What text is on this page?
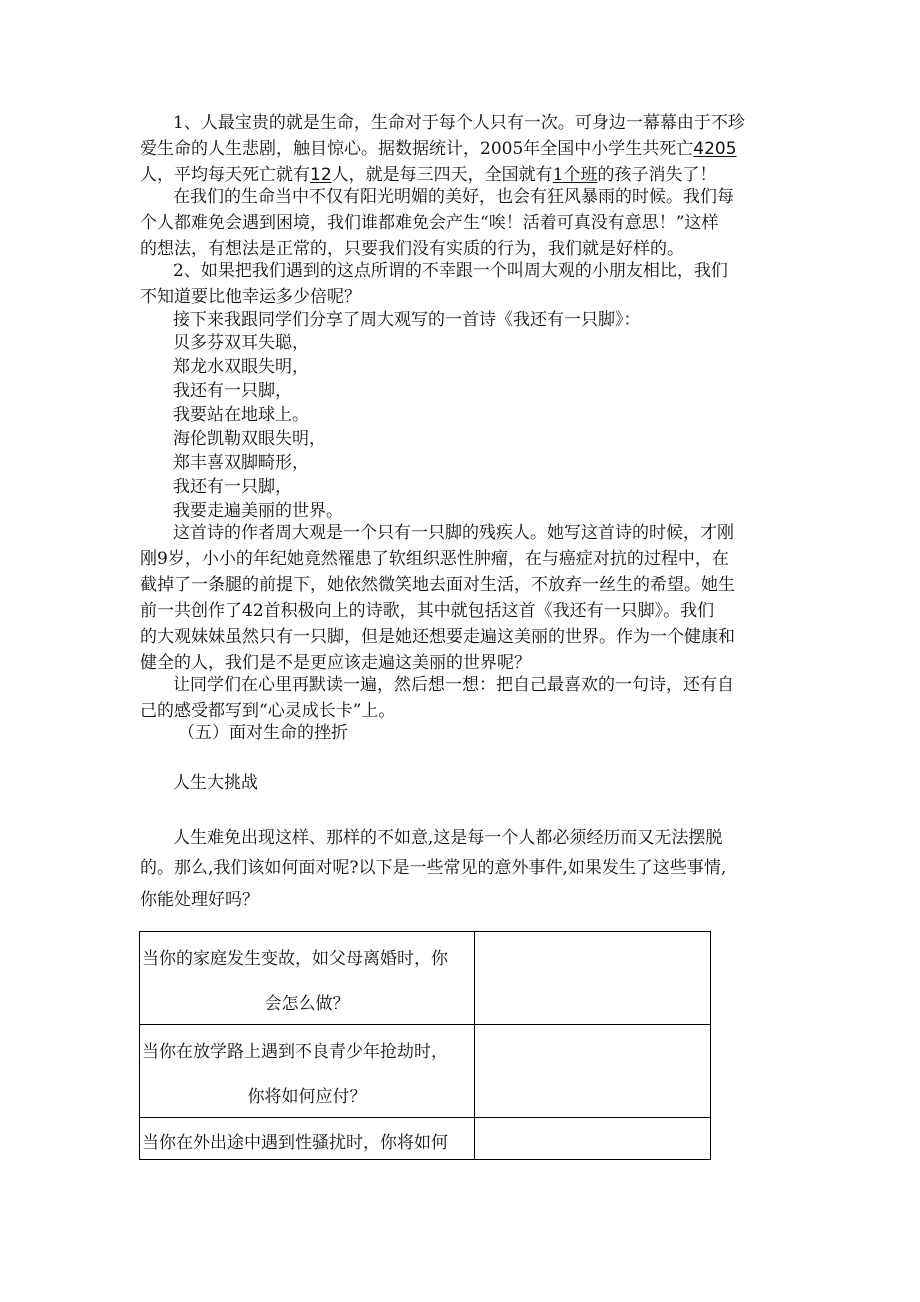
1、人最宝贵的就是生命，生命对于每个人只有一次。可身边一幕幕由于不珍
爱生命的人生悲剧，触目惊心。据数据统计，2005年全国中小学生共死亡4205
人，平均每天死亡就有12人，就是每三四天，全国就有1个班的孩子消失了！
在我们的生命当中不仅有阳光明媚的美好，也会有狂风暴雨的时候。我们每
个人都难免会遇到困境，我们谁都难免会产生“唉！活着可真没有意思！”这样
的想法，有想法是正常的，只要我们没有实质的行为，我们就是好样的。
2、如果把我们遇到的这点所谓的不幸跟一个叫周大观的小朋友相比，我们
不知道要比他幸运多少倍呢？
接下来我跟同学们分享了周大观写的一首诗《我还有一只脚》：
贝多芬双耳失聪，
郑龙水双眼失明，
我还有一只脚，
我要站在地球上。
海伦凯勒双眼失明，
郑丰喜双脚畸形，
我还有一只脚，
我要走遍美丽的世界。
这首诗的作者周大观是一个只有一只脚的残疾人。她写这首诗的时候，才刚
刚9岁，小小的年纪她竟然罹患了软组织恶性肿瘤，在与癌症对抗的过程中，在
截掉了一条腿的前提下，她依然微笑地去面对生活，不放弃一丝生的希望。她生
前一共创作了42首积极向上的诗歌，其中就包括这首《我还有一只脚》。我们
的大观妹妹虽然只有一只脚，但是她还想要走遍这美丽的世界。作为一个健康和
健全的人，我们是不是更应该走遍这美丽的世界呢？
让同学们在心里再默读一遍，然后想一想：把自己最喜欢的一句诗，还有自
己的感受都写到“心灵成长卡”上。
（五）面对生命的挫折
人生大挑战
人生难免出现这样、那样的不如意,这是每一个人都必须经历而又无法摆脱
的。那么,我们该如何面对呢?以下是一些常见的意外事件,如果发生了这些事情,
你能处理好吗？
当你的家庭发生变故，如父母离婚时，你
会怎么做？	

当你在放学路上遇到不良青少年抢劫时，
你将如何应付？	

当你在外出途中遇到性骚扰时，你将如何	
